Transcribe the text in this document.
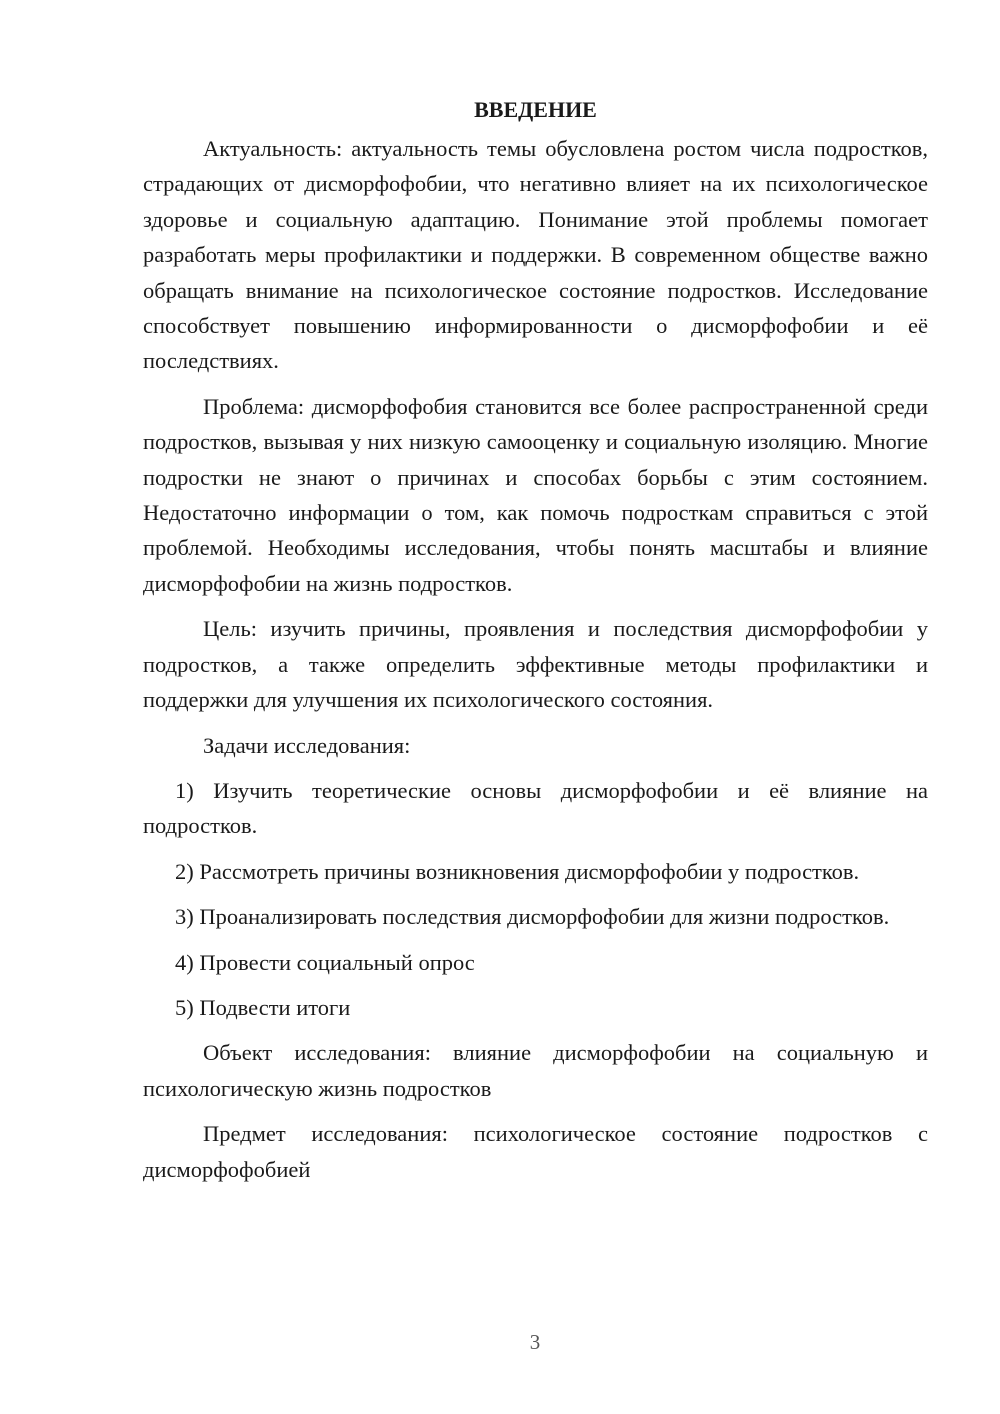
ВВЕДЕНИЕ

Актуальность: актуальность темы обусловлена ростом числа подростков, страдающих от дисморфофобии, что негативно влияет на их психологическое здоровье и социальную адаптацию. Понимание этой проблемы помогает разработать меры профилактики и поддержки. В современном обществе важно обращать внимание на психологическое состояние подростков. Исследование способствует повышению информированности о дисморфофобии и её последствиях.

Проблема: дисморфофобия становится все более распространенной среди подростков, вызывая у них низкую самооценку и социальную изоляцию. Многие подростки не знают о причинах и способах борьбы с этим состоянием. Недостаточно информации о том, как помочь подросткам справиться с этой проблемой. Необходимы исследования, чтобы понять масштабы и влияние дисморфофобии на жизнь подростков.

Цель: изучить причины, проявления и последствия дисморфофобии у подростков, а также определить эффективные методы профилактики и поддержки для улучшения их психологического состояния.

Задачи исследования:

1) Изучить теоретические основы дисморфофобии и её влияние на подростков.

2) Рассмотреть причины возникновения дисморфофобии у подростков.

3) Проанализировать последствия дисморфофобии для жизни подростков.

4) Провести социальный опрос

5) Подвести итоги

Объект исследования: влияние дисморфофобии на социальную и психологическую жизнь подростков

Предмет исследования: психологическое состояние подростков с дисморфофобией

3
